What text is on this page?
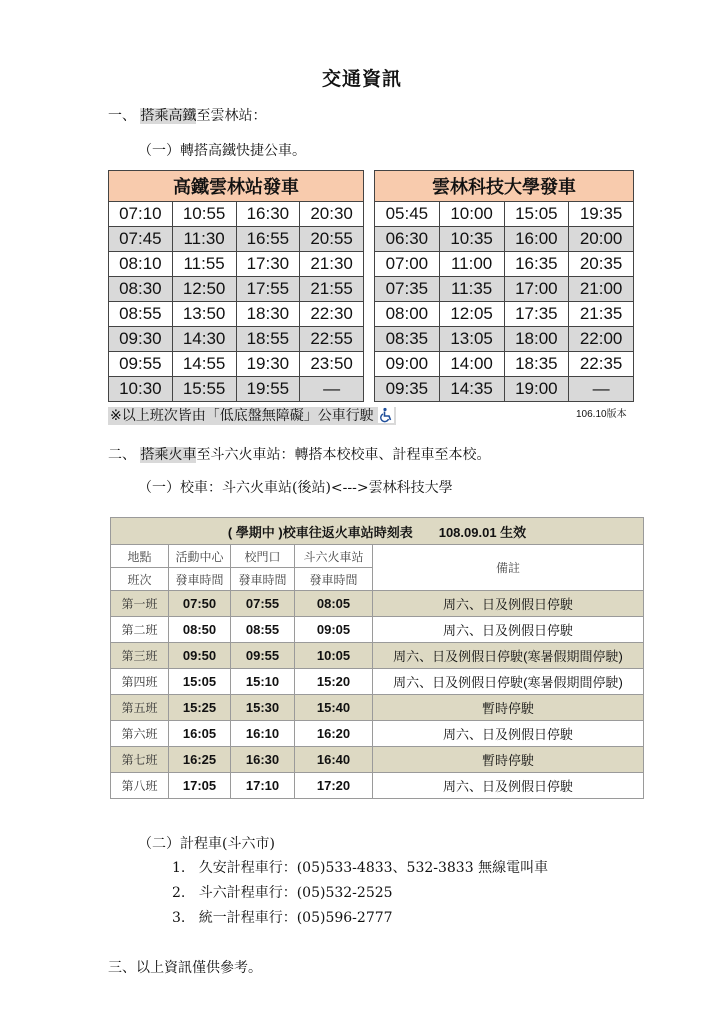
交通資訊
一、 搭乘高鐵至雲林站：
（一）轉搭高鐵快捷公車。
高鐵雲林站發車			
07:10	10:55	16:30	20:30
07:45	11:30	16:55	20:55
08:10	11:55	17:30	21:30
08:30	12:50	17:55	21:55
08:55	13:50	18:30	22:30
09:30	14:30	18:55	22:55
09:55	14:55	19:30	23:50
10:30	15:55	19:55	—
雲林科技大學發車			
05:45	10:00	15:05	19:35
06:30	10:35	16:00	20:00
07:00	11:00	16:35	20:35
07:35	11:35	17:00	21:00
08:00	12:05	17:35	21:35
08:35	13:05	18:00	22:00
09:00	14:00	18:35	22:35
09:35	14:35	19:00	—
※以上班次皆由「低底盤無障礙」公車行駛	106.10版本
二、 搭乘火車至斗六火車站：轉搭本校校車、計程車至本校。
（一）校車：斗六火車站(後站)<--->雲林科技大學
( 學期中 )校車往返火車站時刻表　　108.09.01 生效				
地點	活動中心	校門口	斗六火車站	備註
班次	發車時間	發車時間	發車時間	
第一班	07:50	07:55	08:05	周六、日及例假日停駛
第二班	08:50	08:55	09:05	周六、日及例假日停駛
第三班	09:50	09:55	10:05	周六、日及例假日停駛(寒暑假期間停駛)
第四班	15:05	15:10	15:20	周六、日及例假日停駛(寒暑假期間停駛)
第五班	15:25	15:30	15:40	暫時停駛
第六班	16:05	16:10	16:20	周六、日及例假日停駛
第七班	16:25	16:30	16:40	暫時停駛
第八班	17:05	17:10	17:20	周六、日及例假日停駛
（二）計程車(斗六市)
1. 久安計程車行：(05)533-4833、532-3833 無線電叫車
2. 斗六計程車行：(05)532-2525
3. 統一計程車行：(05)596-2777
三、以上資訊僅供參考。
